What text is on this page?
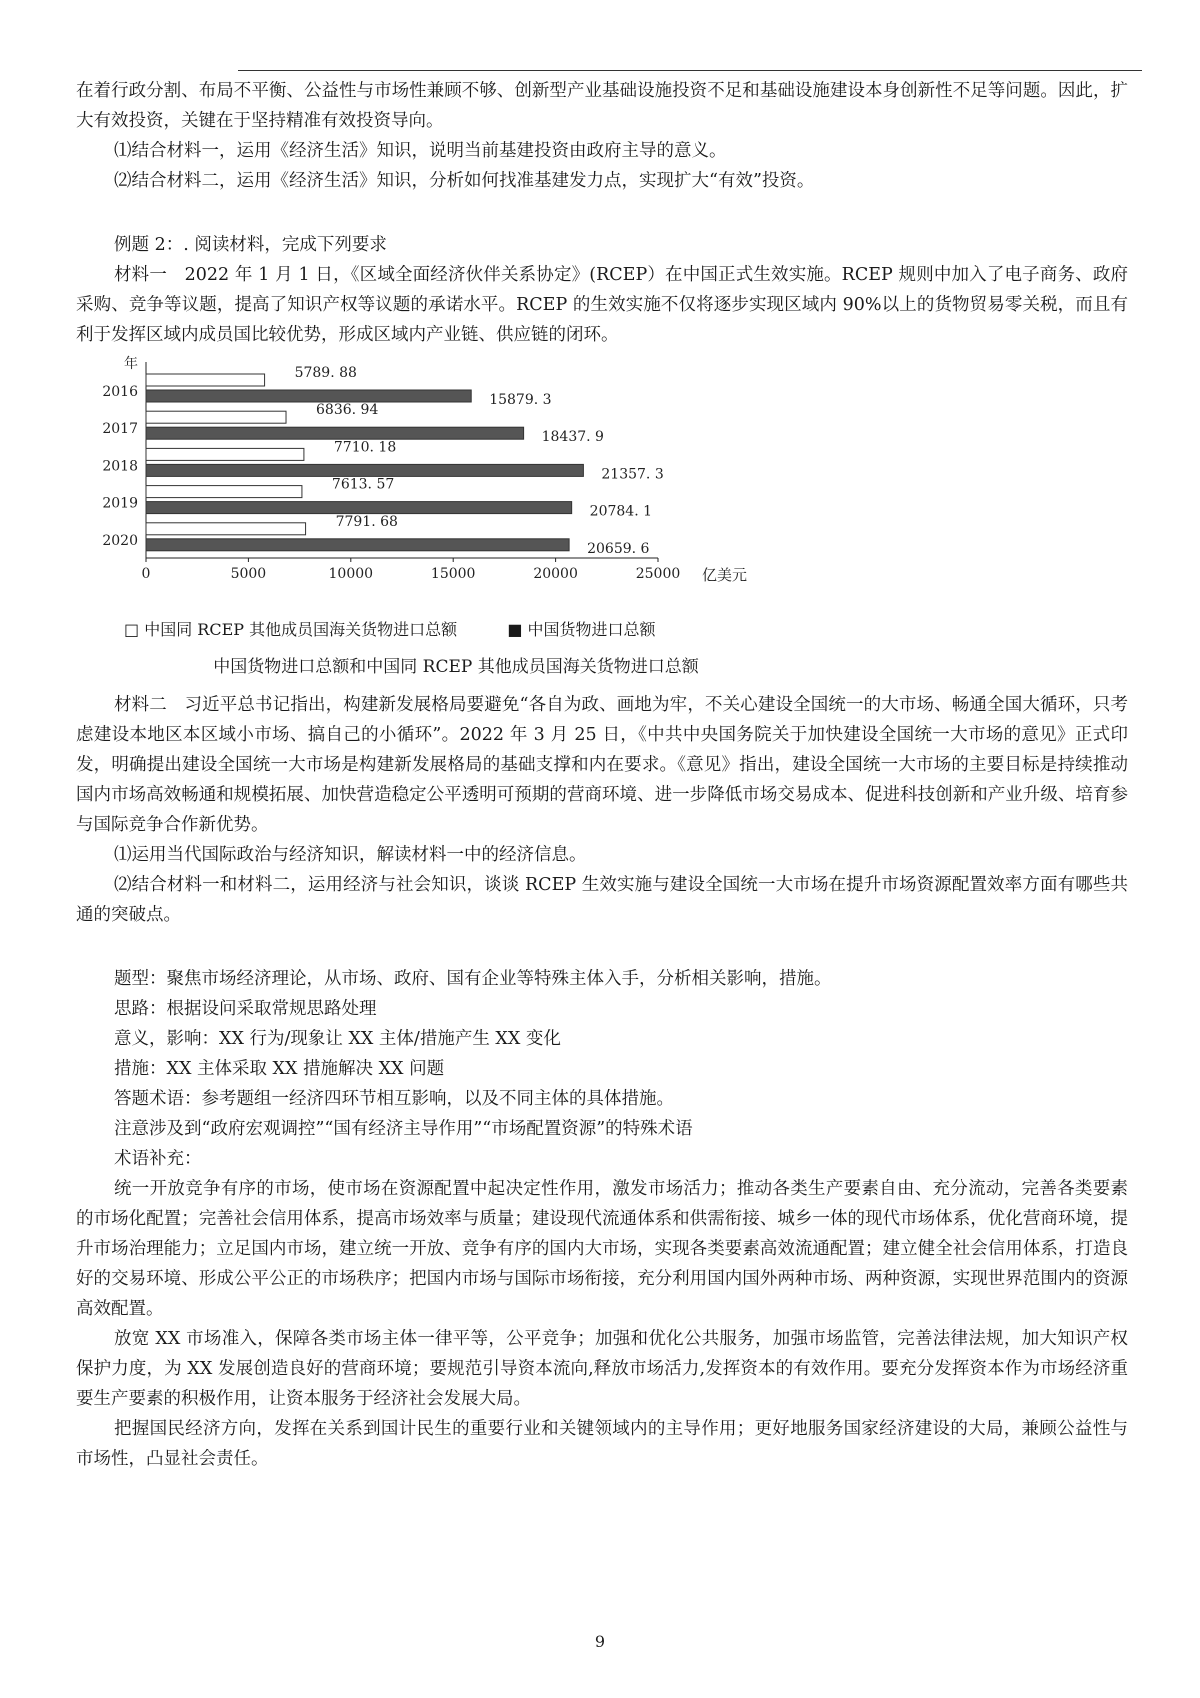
在着行政分割、布局不平衡、公益性与市场性兼顾不够、创新型产业基础设施投资不足和基础设施建设本身创新性不足等问题。因此，扩大有效投资，关键在于坚持精准有效投资导向。

⑴结合材料一，运用《经济生活》知识，说明当前基建投资由政府主导的意义。

⑵结合材料二，运用《经济生活》知识，分析如何找准基建发力点，实现扩大“有效”投资。

例题 2：. 阅读材料，完成下列要求

材料一　2022 年 1 月 1 日，《区域全面经济伙伴关系协定》(RCEP）在中国正式生效实施。RCEP 规则中加入了电子商务、政府采购、竞争等议题，提高了知识产权等议题的承诺水平。RCEP 的生效实施不仅将逐步实现区域内 90%以上的货物贸易零关税，而且有利于发挥区域内成员国比较优势，形成区域内产业链、供应链的闭环。

年
0	5000	10000	15000	20000	25000 亿美元
2016
5789. 88
15879. 3
2017
6836. 94
18437. 9
2018
7710. 18
21357. 3
2019
7613. 57
20784. 1
2020
7791. 68
20659. 6
□ 中国同 RCEP 其他成员国海关货物进口总额	■ 中国货物进口总额
中国货物进口总额和中国同 RCEP 其他成员国海关货物进口总额

材料二　习近平总书记指出，构建新发展格局要避免“各自为政、画地为牢，不关心建设全国统一的大市场、畅通全国大循环，只考虑建设本地区本区域小市场、搞自己的小循环”。2022 年 3 月 25 日，《中共中央国务院关于加快建设全国统一大市场的意见》正式印发，明确提出建设全国统一大市场是构建新发展格局的基础支撑和内在要求。《意见》指出，建设全国统一大市场的主要目标是持续推动国内市场高效畅通和规模拓展、加快营造稳定公平透明可预期的营商环境、进一步降低市场交易成本、促进科技创新和产业升级、培育参与国际竞争合作新优势。

⑴运用当代国际政治与经济知识，解读材料一中的经济信息。

⑵结合材料一和材料二，运用经济与社会知识，谈谈 RCEP 生效实施与建设全国统一大市场在提升市场资源配置效率方面有哪些共通的突破点。

题型：聚焦市场经济理论，从市场、政府、国有企业等特殊主体入手，分析相关影响，措施。

思路：根据设问采取常规思路处理

意义，影响：XX 行为/现象让 XX 主体/措施产生 XX 变化

措施：XX 主体采取 XX 措施解决 XX 问题

答题术语：参考题组一经济四环节相互影响，以及不同主体的具体措施。

注意涉及到“政府宏观调控”“国有经济主导作用”“市场配置资源”的特殊术语

术语补充：

统一开放竞争有序的市场，使市场在资源配置中起决定性作用，激发市场活力；推动各类生产要素自由、充分流动，完善各类要素的市场化配置；完善社会信用体系，提高市场效率与质量；建设现代流通体系和供需衔接、城乡一体的现代市场体系，优化营商环境，提升市场治理能力；立足国内市场，建立统一开放、竞争有序的国内大市场，实现各类要素高效流通配置；建立健全社会信用体系，打造良好的交易环境、形成公平公正的市场秩序；把国内市场与国际市场衔接，充分利用国内国外两种市场、两种资源，实现世界范围内的资源高效配置。

放宽 XX 市场准入，保障各类市场主体一律平等，公平竞争；加强和优化公共服务，加强市场监管，完善法律法规，加大知识产权保护力度，为 XX 发展创造良好的营商环境；要规范引导资本流向,释放市场活力,发挥资本的有效作用。要充分发挥资本作为市场经济重要生产要素的积极作用，让资本服务于经济社会发展大局。

把握国民经济方向，发挥在关系到国计民生的重要行业和关键领域内的主导作用；更好地服务国家经济建设的大局，兼顾公益性与市场性，凸显社会责任。

9
